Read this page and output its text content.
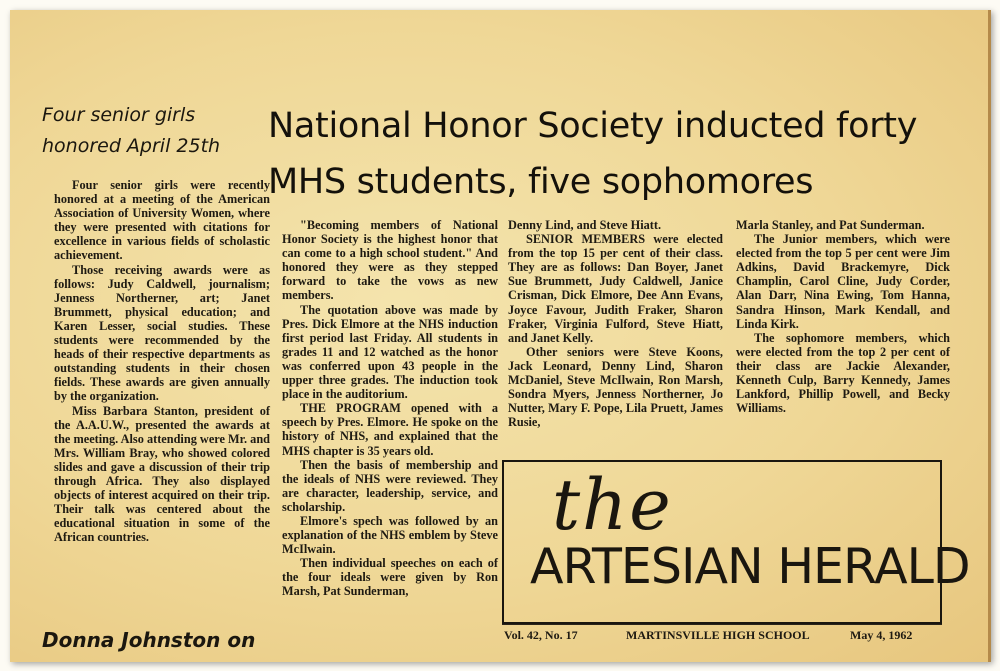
Four senior girls
honored April 25th

Four senior girls were recently honored at a meeting of the American Association of University Women, where they were presented with citations for excellence in various fields of scholastic achievement.

Those receiving awards were as follows: Judy Caldwell, journalism; Jenness Northerner, art; Janet Brummett, physical education; and Karen Lesser, social studies. These students were recommended by the heads of their respective departments as outstanding students in their chosen fields. These awards are given annually by the organization.

Miss Barbara Stanton, president of the A.A.U.W., presented the awards at the meeting. Also attending were Mr. and Mrs. William Bray, who showed colored slides and gave a discussion of their trip through Africa. They also displayed objects of interest acquired on their trip. Their talk was centered about the educational situation in some of the African countries.

Donna Johnston on
National Honor Society inducted forty
MHS students, five sophomores

"Becoming members of National Honor Society is the highest honor that can come to a high school student." And honored they were as they stepped forward to take the vows as new members.

The quotation above was made by Pres. Dick Elmore at the NHS induction first period last Friday. All students in grades 11 and 12 watched as the honor was conferred upon 43 people in the upper three grades. The induction took place in the auditorium.

THE PROGRAM opened with a speech by Pres. Elmore. He spoke on the history of NHS, and explained that the MHS chapter is 35 years old.

Then the basis of membership and the ideals of NHS were reviewed. They are character, leadership, service, and scholarship.

Elmore's spech was followed by an explanation of the NHS emblem by Steve McIlwain.

Then individual speeches on each of the four ideals were given by Ron Marsh, Pat Sunderman,

Denny Lind, and Steve Hiatt.

SENIOR MEMBERS were elected from the top 15 per cent of their class. They are as follows: Dan Boyer, Janet Sue Brummett, Judy Caldwell, Janice Crisman, Dick Elmore, Dee Ann Evans, Joyce Favour, Judith Fraker, Sharon Fraker, Virginia Fulford, Steve Hiatt, and Janet Kelly.

Other seniors were Steve Koons, Jack Leonard, Denny Lind, Sharon McDaniel, Steve McIlwain, Ron Marsh, Sondra Myers, Jenness Northerner, Jo Nutter, Mary F. Pope, Lila Pruett, James Rusie,

Marla Stanley, and Pat Sunderman.

The Junior members, which were elected from the top 5 per cent were Jim Adkins, David Brackemyre, Dick Champlin, Carol Cline, Judy Corder, Alan Darr, Nina Ewing, Tom Hanna, Sandra Hinson, Mark Kendall, and Linda Kirk.

The sophomore members, which were elected from the top 2 per cent of their class are Jackie Alexander, Kenneth Culp, Barry Kennedy, James Lankford, Phillip Powell, and Becky Williams.

the
ARTESIAN HERALD
Vol. 42, No. 17	MARTINSVILLE HIGH SCHOOL	May 4, 1962
